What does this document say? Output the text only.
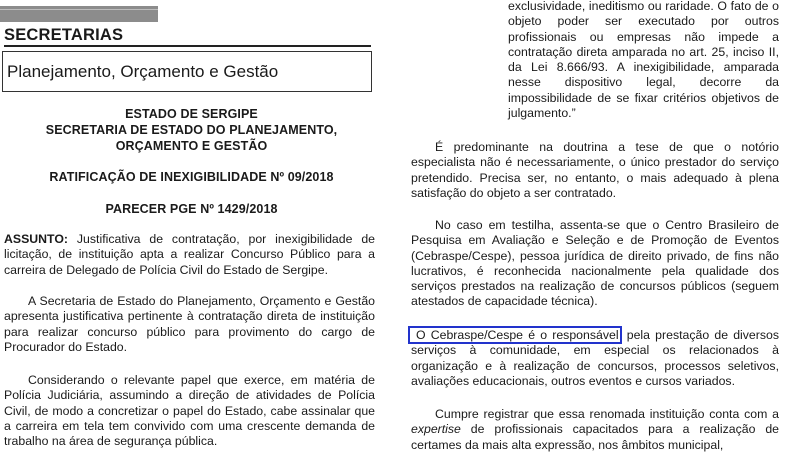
SECRETARIAS
Planejamento, Orçamento e Gestão
ESTADO DE SERGIPE
SECRETARIA DE ESTADO DO PLANEJAMENTO,
ORÇAMENTO E GESTÃO
RATIFICAÇÃO DE INEXIGIBILIDADE Nº 09/2018
PARECER PGE Nº 1429/2018
ASSUNTO: Justificativa de contratação, por inexigibilidade de licitação, de instituição apta a realizar Concurso Público para a carreira de Delegado de Polícia Civil do Estado de Sergipe.
A Secretaria de Estado do Planejamento, Orçamento e Gestão apresenta justificativa pertinente à contratação direta de instituição para realizar concurso público para provimento do cargo de Procurador do Estado.
Considerando o relevante papel que exerce, em matéria de Polícia Judiciária, assumindo a direção de atividades de Polícia Civil, de modo a concretizar o papel do Estado, cabe assinalar que a carreira em tela tem convivido com uma crescente demanda de trabalho na área de segurança pública.
exclusividade, ineditismo ou raridade. O fato de o objeto poder ser executado por outros profissionais ou empresas não impede a contratação direta amparada no art. 25, inciso II, da Lei 8.666/93. A inexigibilidade, amparada nesse dispositivo legal, decorre da impossibilidade de se fixar critérios objetivos de julgamento.”
É predominante na doutrina a tese de que o notório especialista não é necessariamente, o único prestador do serviço pretendido. Precisa ser, no entanto, o mais adequado à plena satisfação do objeto a ser contratado.
No caso em testilha, assenta-se que o Centro Brasileiro de Pesquisa em Avaliação e Seleção e de Promoção de Eventos (Cebraspe/Cespe), pessoa jurídica de direito privado, de fins não lucrativos, é reconhecida nacionalmente pela qualidade dos serviços prestados na realização de concursos públicos (seguem atestados de capacidade técnica).
O Cebraspe/Cespe é o responsável pela prestação de diversos serviços à comunidade, em especial os relacionados à organização e à realização de concursos, processos seletivos, avaliações educacionais, outros eventos e cursos variados.
Cumpre registrar que essa renomada instituição conta com a expertise de profissionais capacitados para a realização de certames da mais alta expressão, nos âmbitos municipal,
